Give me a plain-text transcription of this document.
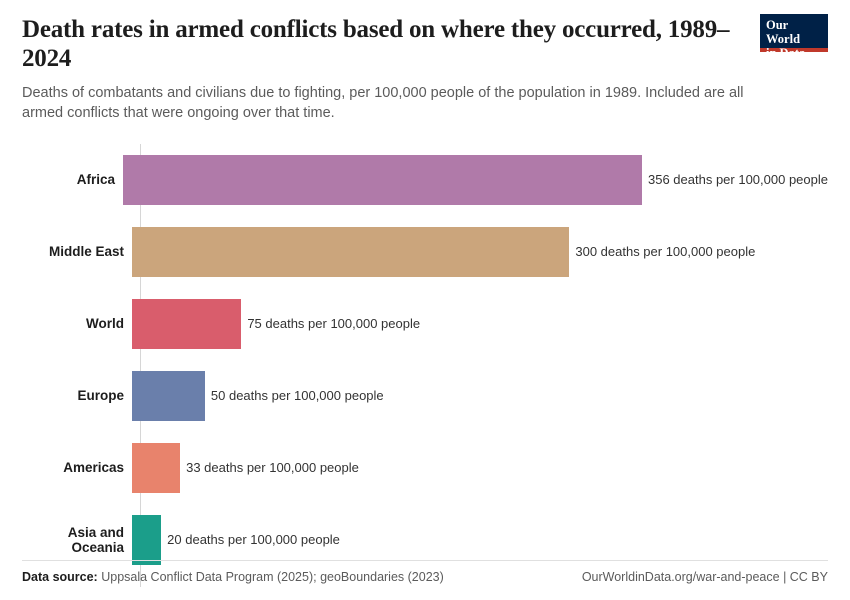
Death rates in armed conflicts based on where they occurred, 1989–2024

Deaths of combatants and civilians due to fighting, per 100,000 people of the population in 1989. Included are all armed conflicts that were ongoing over that time.

Our World
in Data
Africa	356 deaths per 100,000 people
Middle East	300 deaths per 100,000 people
World	75 deaths per 100,000 people
Europe	50 deaths per 100,000 people
Americas	33 deaths per 100,000 people
Asia and Oceania	20 deaths per 100,000 people
Data source: Uppsala Conflict Data Program (2025); geoBoundaries (2023)	OurWorldinData.org/war-and-peace | CC BY
